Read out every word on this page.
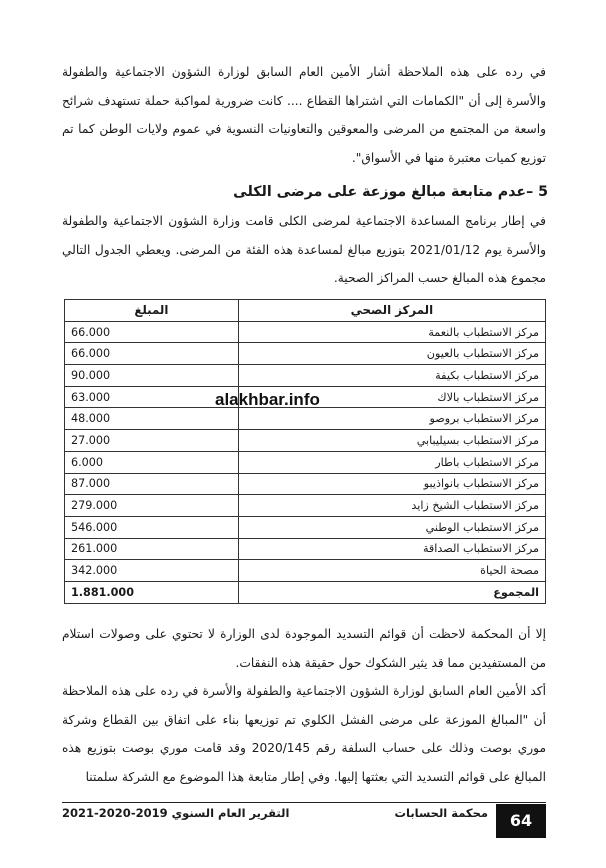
في رده على هذه الملاحظة أشار الأمين العام السابق لوزارة الشؤون الاجتماعية والطفولة والأسرة إلى أن "الكمامات التي اشتراها القطاع .... كانت ضرورية لمواكبة حملة تستهدف شرائح واسعة من المجتمع من المرضى والمعوقين والتعاونيات النسوية في عموم ولايات الوطن كما تم توزيع كميات معتبرة منها في الأسواق".

5 –عدم متابعة مبالغ موزعة على مرضى الكلى

في إطار برنامج المساعدة الاجتماعية لمرضى الكلى قامت وزارة الشؤون الاجتماعية والطفولة والأسرة يوم 2021/01/12 بتوزيع مبالغ لمساعدة هذه الفئة من المرضى. ويعطي الجدول التالي مجموع هذه المبالغ حسب المراكز الصحية.

المركز الصحي	المبلغ
مركز الاستطباب بالنعمة	66.000
مركز الاستطباب بالعيون	66.000
مركز الاستطباب بكيفة	90.000
مركز الاستطباب بالاك	63.000
مركز الاستطباب بروصو	48.000
مركز الاستطباب بسيليبابي	27.000
مركز الاستطباب باطار	6.000
مركز الاستطباب بانواذيبو	87.000
مركز الاستطباب الشيخ زايد	279.000
مركز الاستطباب الوطني	546.000
مركز الاستطباب الصداقة	261.000
مصحة الحياة	342.000
المجموع	1.881.000
alakhbar.info

إلا أن المحكمة لاحظت أن قوائم التسديد الموجودة لدى الوزارة لا تحتوي على وصولات استلام من المستفيدين مما قد يثير الشكوك حول حقيقة هذه النفقات.

أكد الأمين العام السابق لوزارة الشؤون الاجتماعية والطفولة والأسرة في رده على هذه الملاحظة أن "المبالغ الموزعة على مرضى الفشل الكلوي تم توزيعها بناء على اتفاق بين القطاع وشركة موري بوصت وذلك على حساب السلفة رقم 2020/145 وقد قامت موري بوصت بتوزيع هذه المبالغ على قوائم التسديد التي بعثتها إليها. وفي إطار متابعة هذا الموضوع مع الشركة سلمتنا

64
محكمة الحسابات
التقرير العام السنوي 2019-2020-2021
